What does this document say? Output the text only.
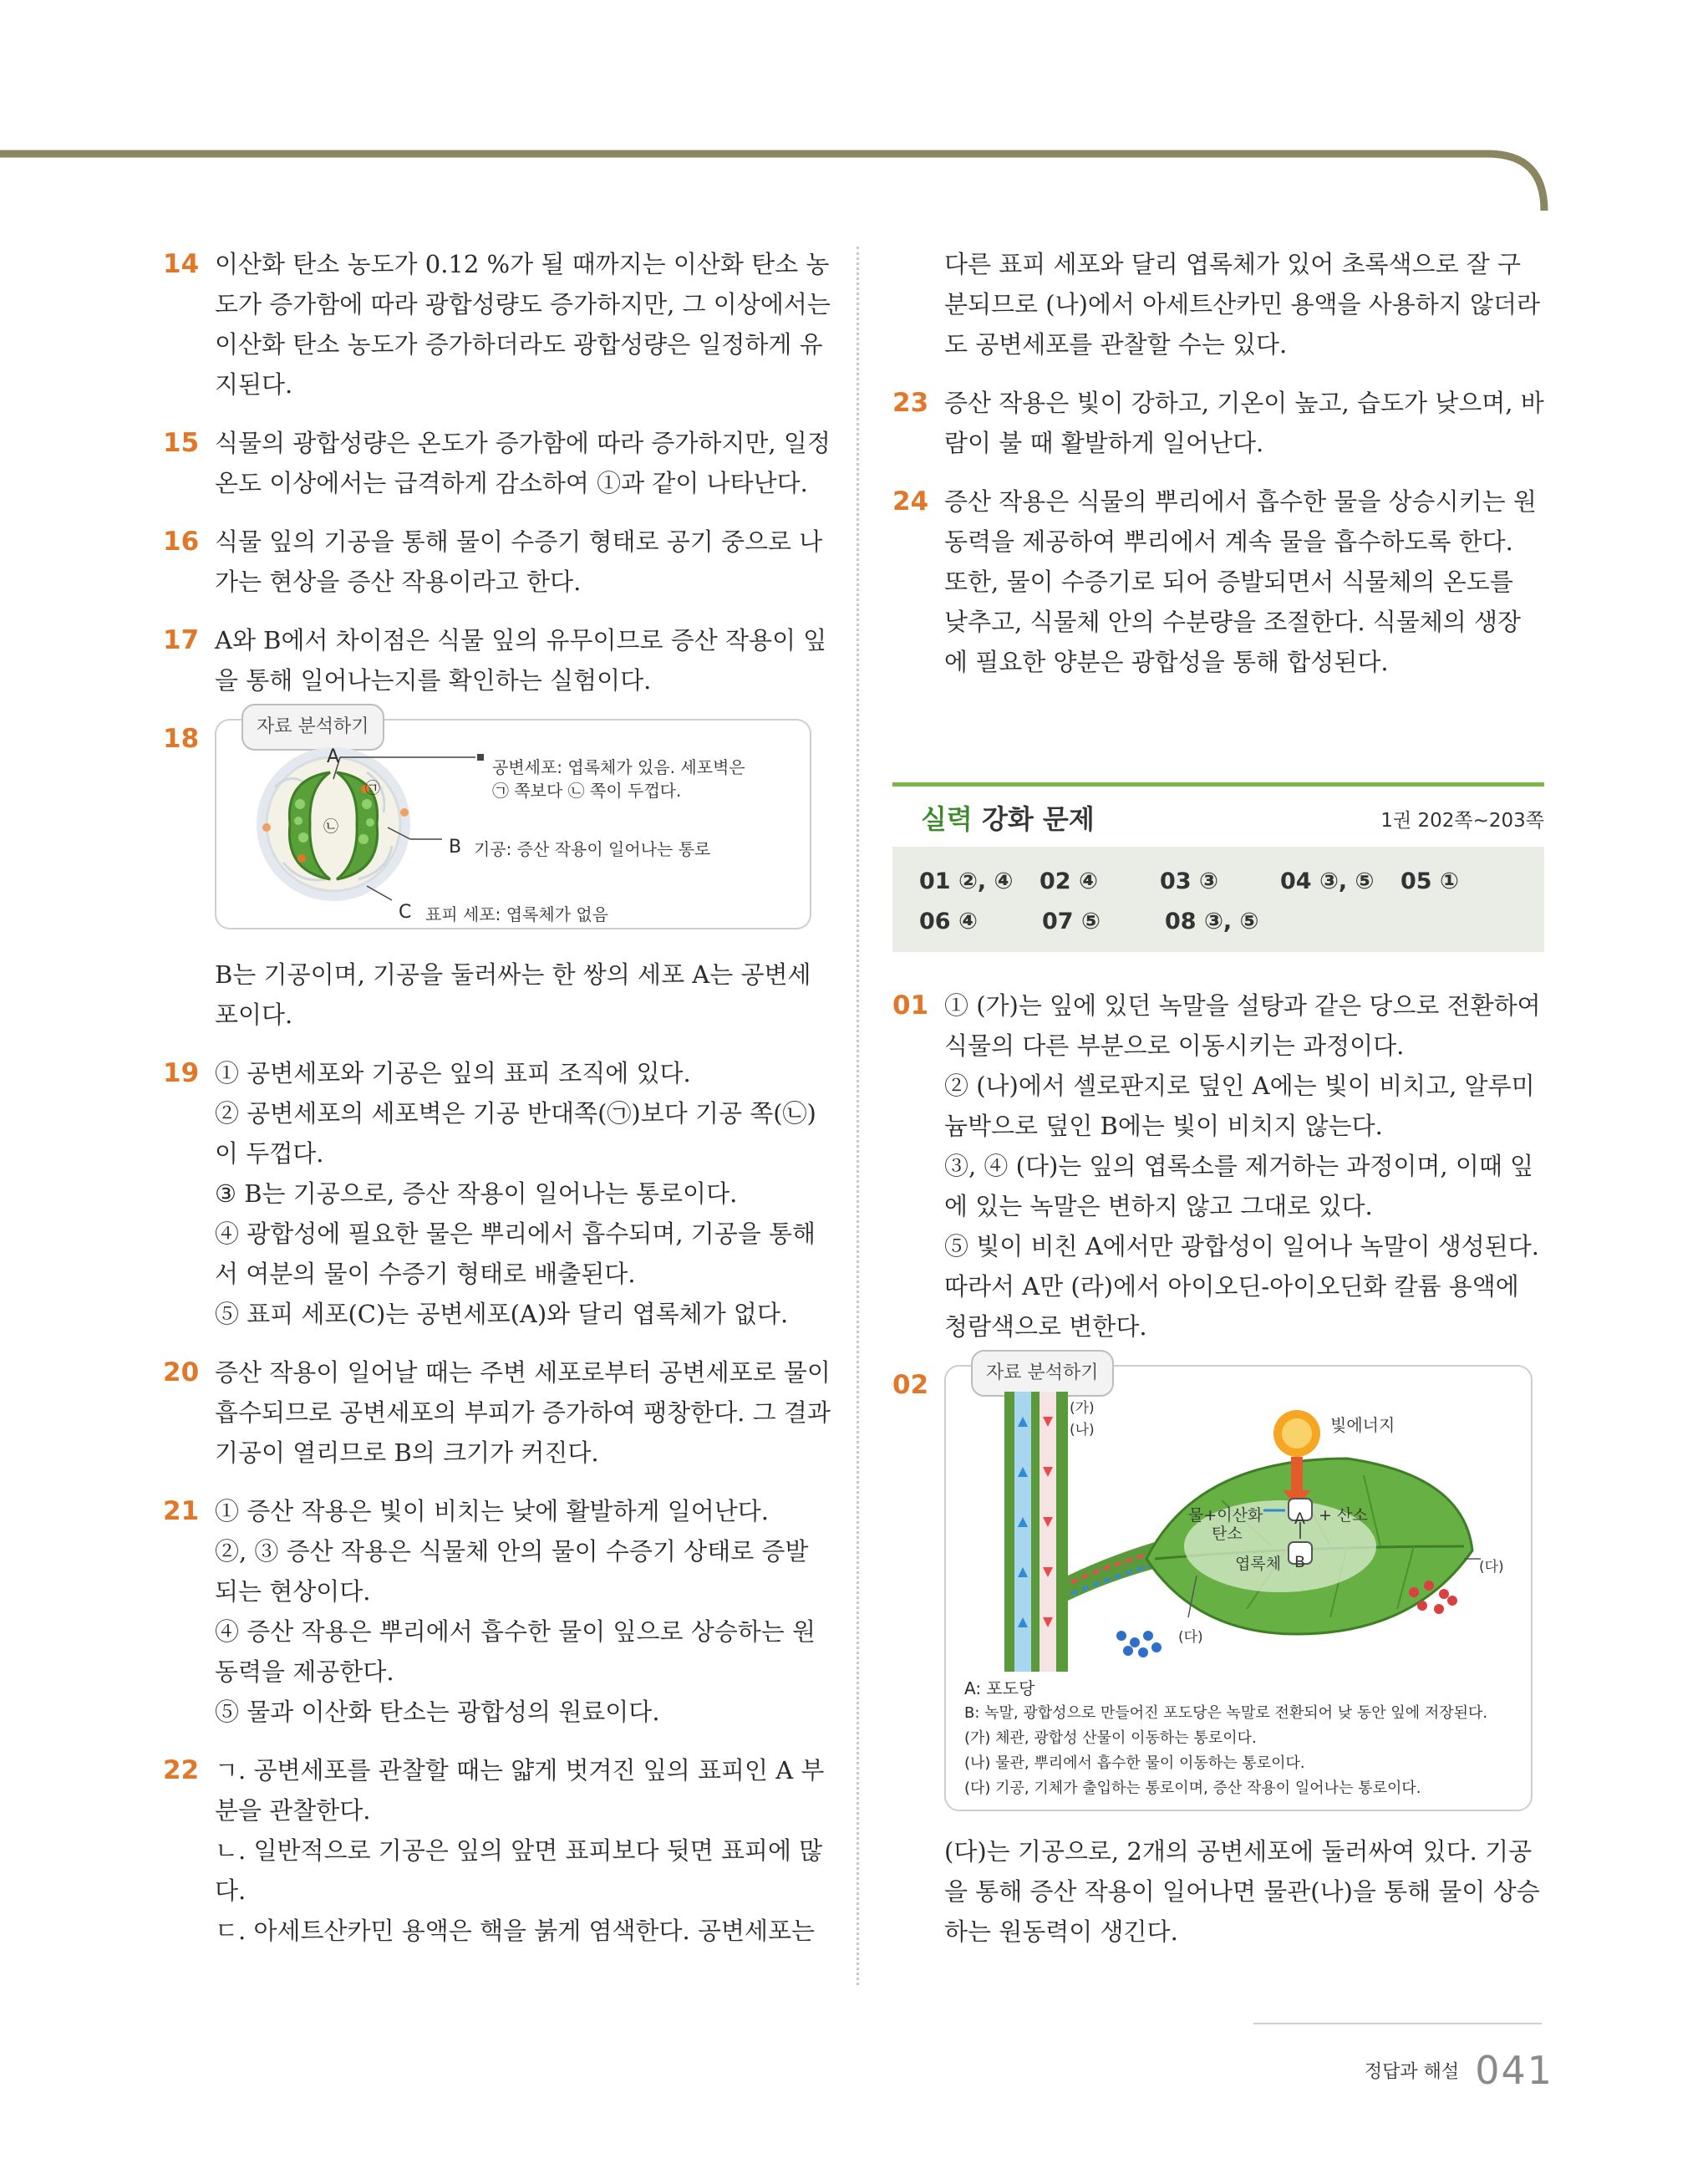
14 이산화 탄소 농도가 0.12 %가 될 때까지는 이산화 탄소 농도가 증가함에 따라 광합성량도 증가하지만, 그 이상에서는 이산화 탄소 농도가 증가하더라도 광합성량은 일정하게 유지된다.

15 식물의 광합성량은 온도가 증가함에 따라 증가하지만, 일정 온도 이상에서는 급격하게 감소하여 ①과 같이 나타난다.

16 식물 잎의 기공을 통해 물이 수증기 형태로 공기 중으로 나가는 현상을 증산 작용이라고 한다.

17 A와 B에서 차이점은 식물 잎의 유무이므로 증산 작용이 잎을 통해 일어나는지를 확인하는 실험이다.

18	자료 분석하기
A
㉠
㉡
B
C
공변세포: 엽록체가 있음. 세포벽은
㉠ 쪽보다 ㉡ 쪽이 두껍다.
기공: 증산 작용이 일어나는 통로
표피 세포: 엽록체가 없음

B는 기공이며, 기공을 둘러싸는 한 쌍의 세포 A는 공변세포이다.

19 ① 공변세포와 기공은 잎의 표피 조직에 있다.

② 공변세포의 세포벽은 기공 반대쪽(㉠)보다 기공 쪽(㉡)이 두껍다.

③ B는 기공으로, 증산 작용이 일어나는 통로이다.

④ 광합성에 필요한 물은 뿌리에서 흡수되며, 기공을 통해서 여분의 물이 수증기 형태로 배출된다.

⑤ 표피 세포(C)는 공변세포(A)와 달리 엽록체가 없다.

20 증산 작용이 일어날 때는 주변 세포로부터 공변세포로 물이 흡수되므로 공변세포의 부피가 증가하여 팽창한다. 그 결과 기공이 열리므로 B의 크기가 커진다.

21 ① 증산 작용은 빛이 비치는 낮에 활발하게 일어난다.

②, ③ 증산 작용은 식물체 안의 물이 수증기 상태로 증발되는 현상이다.

④ 증산 작용은 뿌리에서 흡수한 물이 잎으로 상승하는 원동력을 제공한다.

⑤ 물과 이산화 탄소는 광합성의 원료이다.

22 ㄱ. 공변세포를 관찰할 때는 얇게 벗겨진 잎의 표피인 A 부분을 관찰한다.

ㄴ. 일반적으로 기공은 잎의 앞면 표피보다 뒷면 표피에 많다.

ㄷ. 아세트산카민 용액은 핵을 붉게 염색한다. 공변세포는

다른 표피 세포와 달리 엽록체가 있어 초록색으로 잘 구분되므로 (나)에서 아세트산카민 용액을 사용하지 않더라도 공변세포를 관찰할 수는 있다.

23 증산 작용은 빛이 강하고, 기온이 높고, 습도가 낮으며, 바람이 불 때 활발하게 일어난다.

24 증산 작용은 식물의 뿌리에서 흡수한 물을 상승시키는 원동력을 제공하여 뿌리에서 계속 물을 흡수하도록 한다. 또한, 물이 수증기로 되어 증발되면서 식물체의 온도를 낮추고, 식물체 안의 수분량을 조절한다. 식물체의 생장에 필요한 양분은 광합성을 통해 합성된다.

실력 강화 문제	1권 202쪽~203쪽
01 ②, ④	02 ④	03 ③	04 ③, ⑤	05 ①
06 ④	07 ⑤	08 ③, ⑤
01 ① (가)는 잎에 있던 녹말을 설탕과 같은 당으로 전환하여 식물의 다른 부분으로 이동시키는 과정이다.

② (나)에서 셀로판지로 덮인 A에는 빛이 비치고, 알루미늄박으로 덮인 B에는 빛이 비치지 않는다.

③, ④ (다)는 잎의 엽록소를 제거하는 과정이며, 이때 잎에 있는 녹말은 변하지 않고 그대로 있다.

⑤ 빛이 비친 A에서만 광합성이 일어나 녹말이 생성된다. 따라서 A만 (라)에서 아이오딘-아이오딘화 칼륨 용액에 청람색으로 변한다.

02	자료 분석하기
(가)
(나)	빛에너지
물+이산화
탄소
A + 산소
엽록체 B	(다)
(다)
A: 포도당
B: 녹말, 광합성으로 만들어진 포도당은 녹말로 전환되어 낮 동안 잎에 저장된다.
(가) 체관, 광합성 산물이 이동하는 통로이다.
(나) 물관, 뿌리에서 흡수한 물이 이동하는 통로이다.
(다) 기공, 기체가 출입하는 통로이며, 증산 작용이 일어나는 통로이다.

(다)는 기공으로, 2개의 공변세포에 둘러싸여 있다. 기공을 통해 증산 작용이 일어나면 물관(나)을 통해 물이 상승하는 원동력이 생긴다.

정답과 해설 041
